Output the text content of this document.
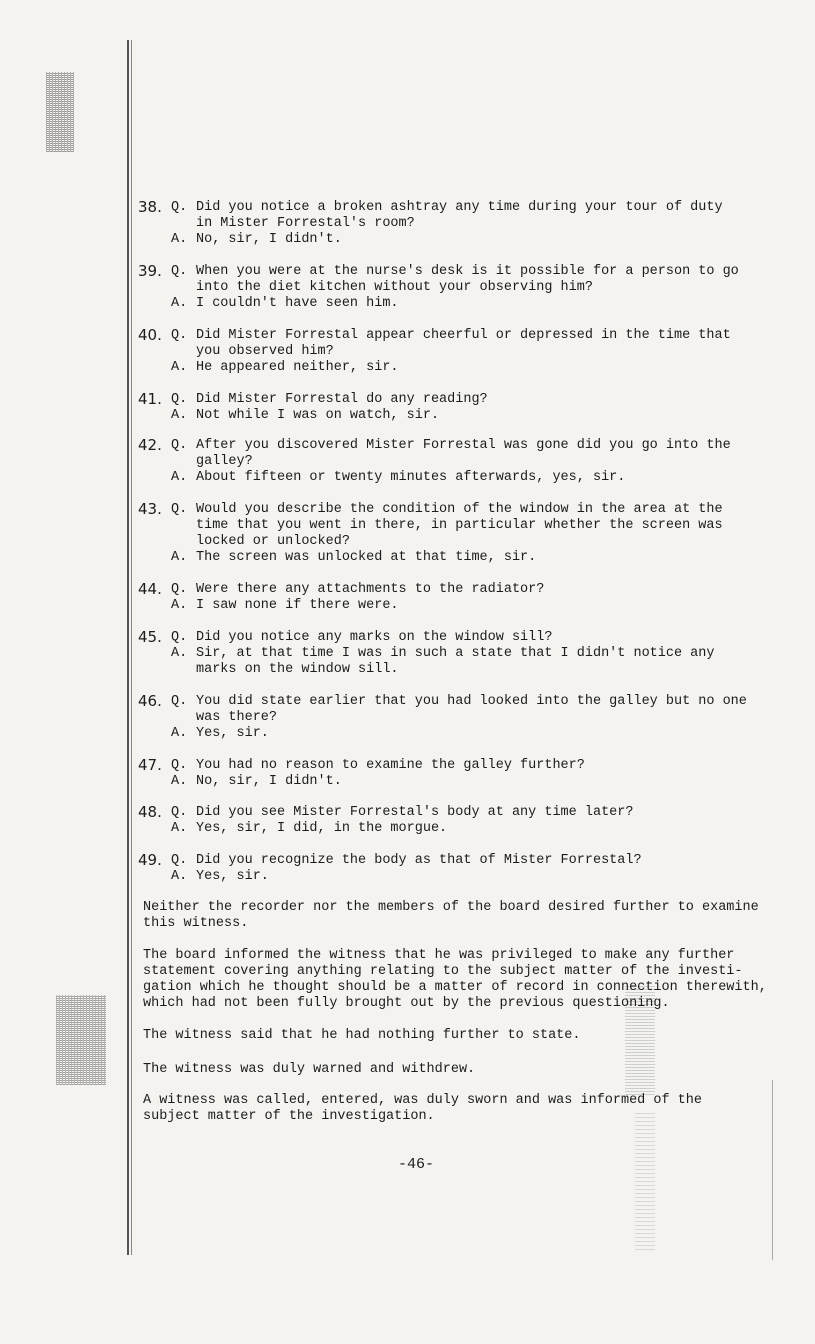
38. Q. Did you notice a broken ashtray any time during your tour of duty
in Mister Forrestal's room?
A. No, sir, I didn't.
39. Q. When you were at the nurse's desk is it possible for a person to go
into the diet kitchen without your observing him?
A. I couldn't have seen him.
40. Q. Did Mister Forrestal appear cheerful or depressed in the time that
you observed him?
A. He appeared neither, sir.
41. Q. Did Mister Forrestal do any reading?
A. Not while I was on watch, sir.
42. Q. After you discovered Mister Forrestal was gone did you go into the
galley?
A. About fifteen or twenty minutes afterwards, yes, sir.
43. Q. Would you describe the condition of the window in the area at the
time that you went in there, in particular whether the screen was
locked or unlocked?
A. The screen was unlocked at that time, sir.
44. Q. Were there any attachments to the radiator?
A. I saw none if there were.
45. Q. Did you notice any marks on the window sill?
A. Sir, at that time I was in such a state that I didn't notice any
marks on the window sill.
46. Q. You did state earlier that you had looked into the galley but no one
was there?
A. Yes, sir.
47. Q. You had no reason to examine the galley further?
A. No, sir, I didn't.
48. Q. Did you see Mister Forrestal's body at any time later?
A. Yes, sir, I did, in the morgue.
49. Q. Did you recognize the body as that of Mister Forrestal?
A. Yes, sir.
Neither the recorder nor the members of the board desired further to examine
this witness.
The board informed the witness that he was privileged to make any further
statement covering anything relating to the subject matter of the investi-
gation which he thought should be a matter of record in connection therewith,
which had not been fully brought out by the previous questioning.
The witness said that he had nothing further to state.
The witness was duly warned and withdrew.
A witness was called, entered, was duly sworn and was informed of the
subject matter of the investigation.
-46-
